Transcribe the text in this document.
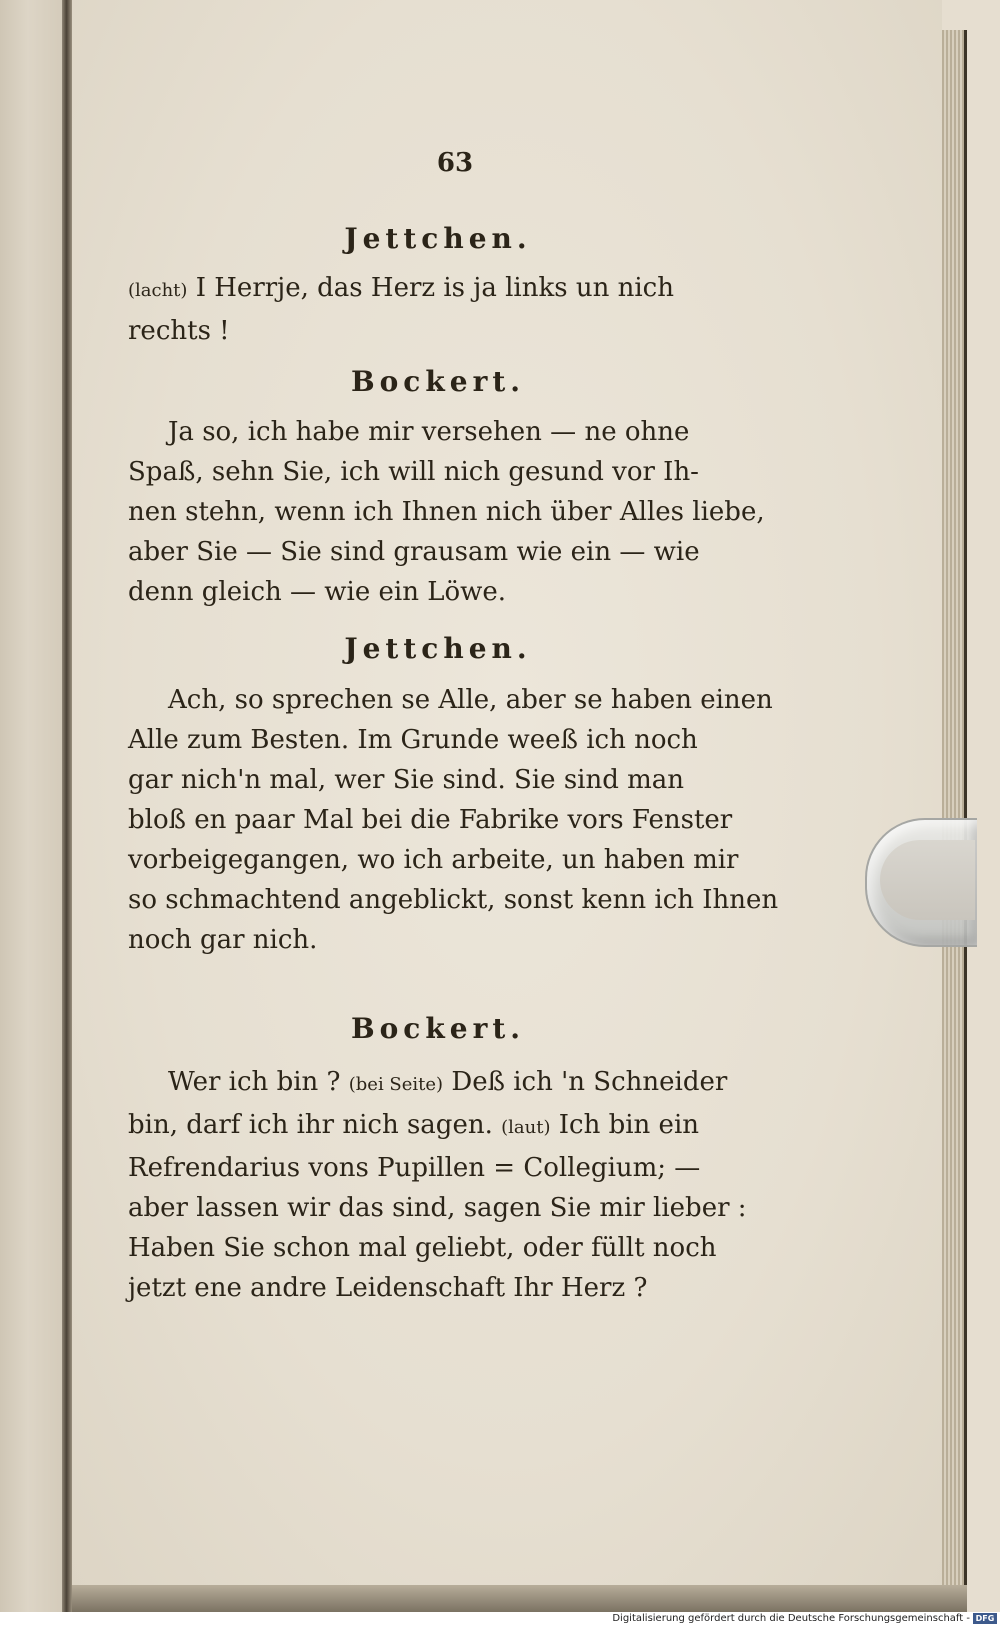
63
Jettchen.
(lacht) I Herrje, das Herz is ja links un nich
rechts !
Bockert.
Ja so, ich habe mir versehen — ne ohne
Spaß, sehn Sie, ich will nich gesund vor Ih-
nen stehn, wenn ich Ihnen nich über Alles liebe,
aber Sie — Sie sind grausam wie ein — wie
denn gleich — wie ein Löwe.
Jettchen.
Ach, so sprechen se Alle, aber se haben einen
Alle zum Besten. Im Grunde weeß ich noch
gar nich'n mal, wer Sie sind. Sie sind man
bloß en paar Mal bei die Fabrike vors Fenster
vorbeigegangen, wo ich arbeite, un haben mir
so schmachtend angeblickt, sonst kenn ich Ihnen
noch gar nich.
Bockert.
Wer ich bin ? (bei Seite) Deß ich 'n Schneider
bin, darf ich ihr nich sagen. (laut) Ich bin ein
Refrendarius vons Pupillen = Collegium; —
aber lassen wir das sind, sagen Sie mir lieber :
Haben Sie schon mal geliebt, oder füllt noch
jetzt ene andre Leidenschaft Ihr Herz ?
Digitalisierung gefördert durch die Deutsche Forschungsgemeinschaft - DFG
